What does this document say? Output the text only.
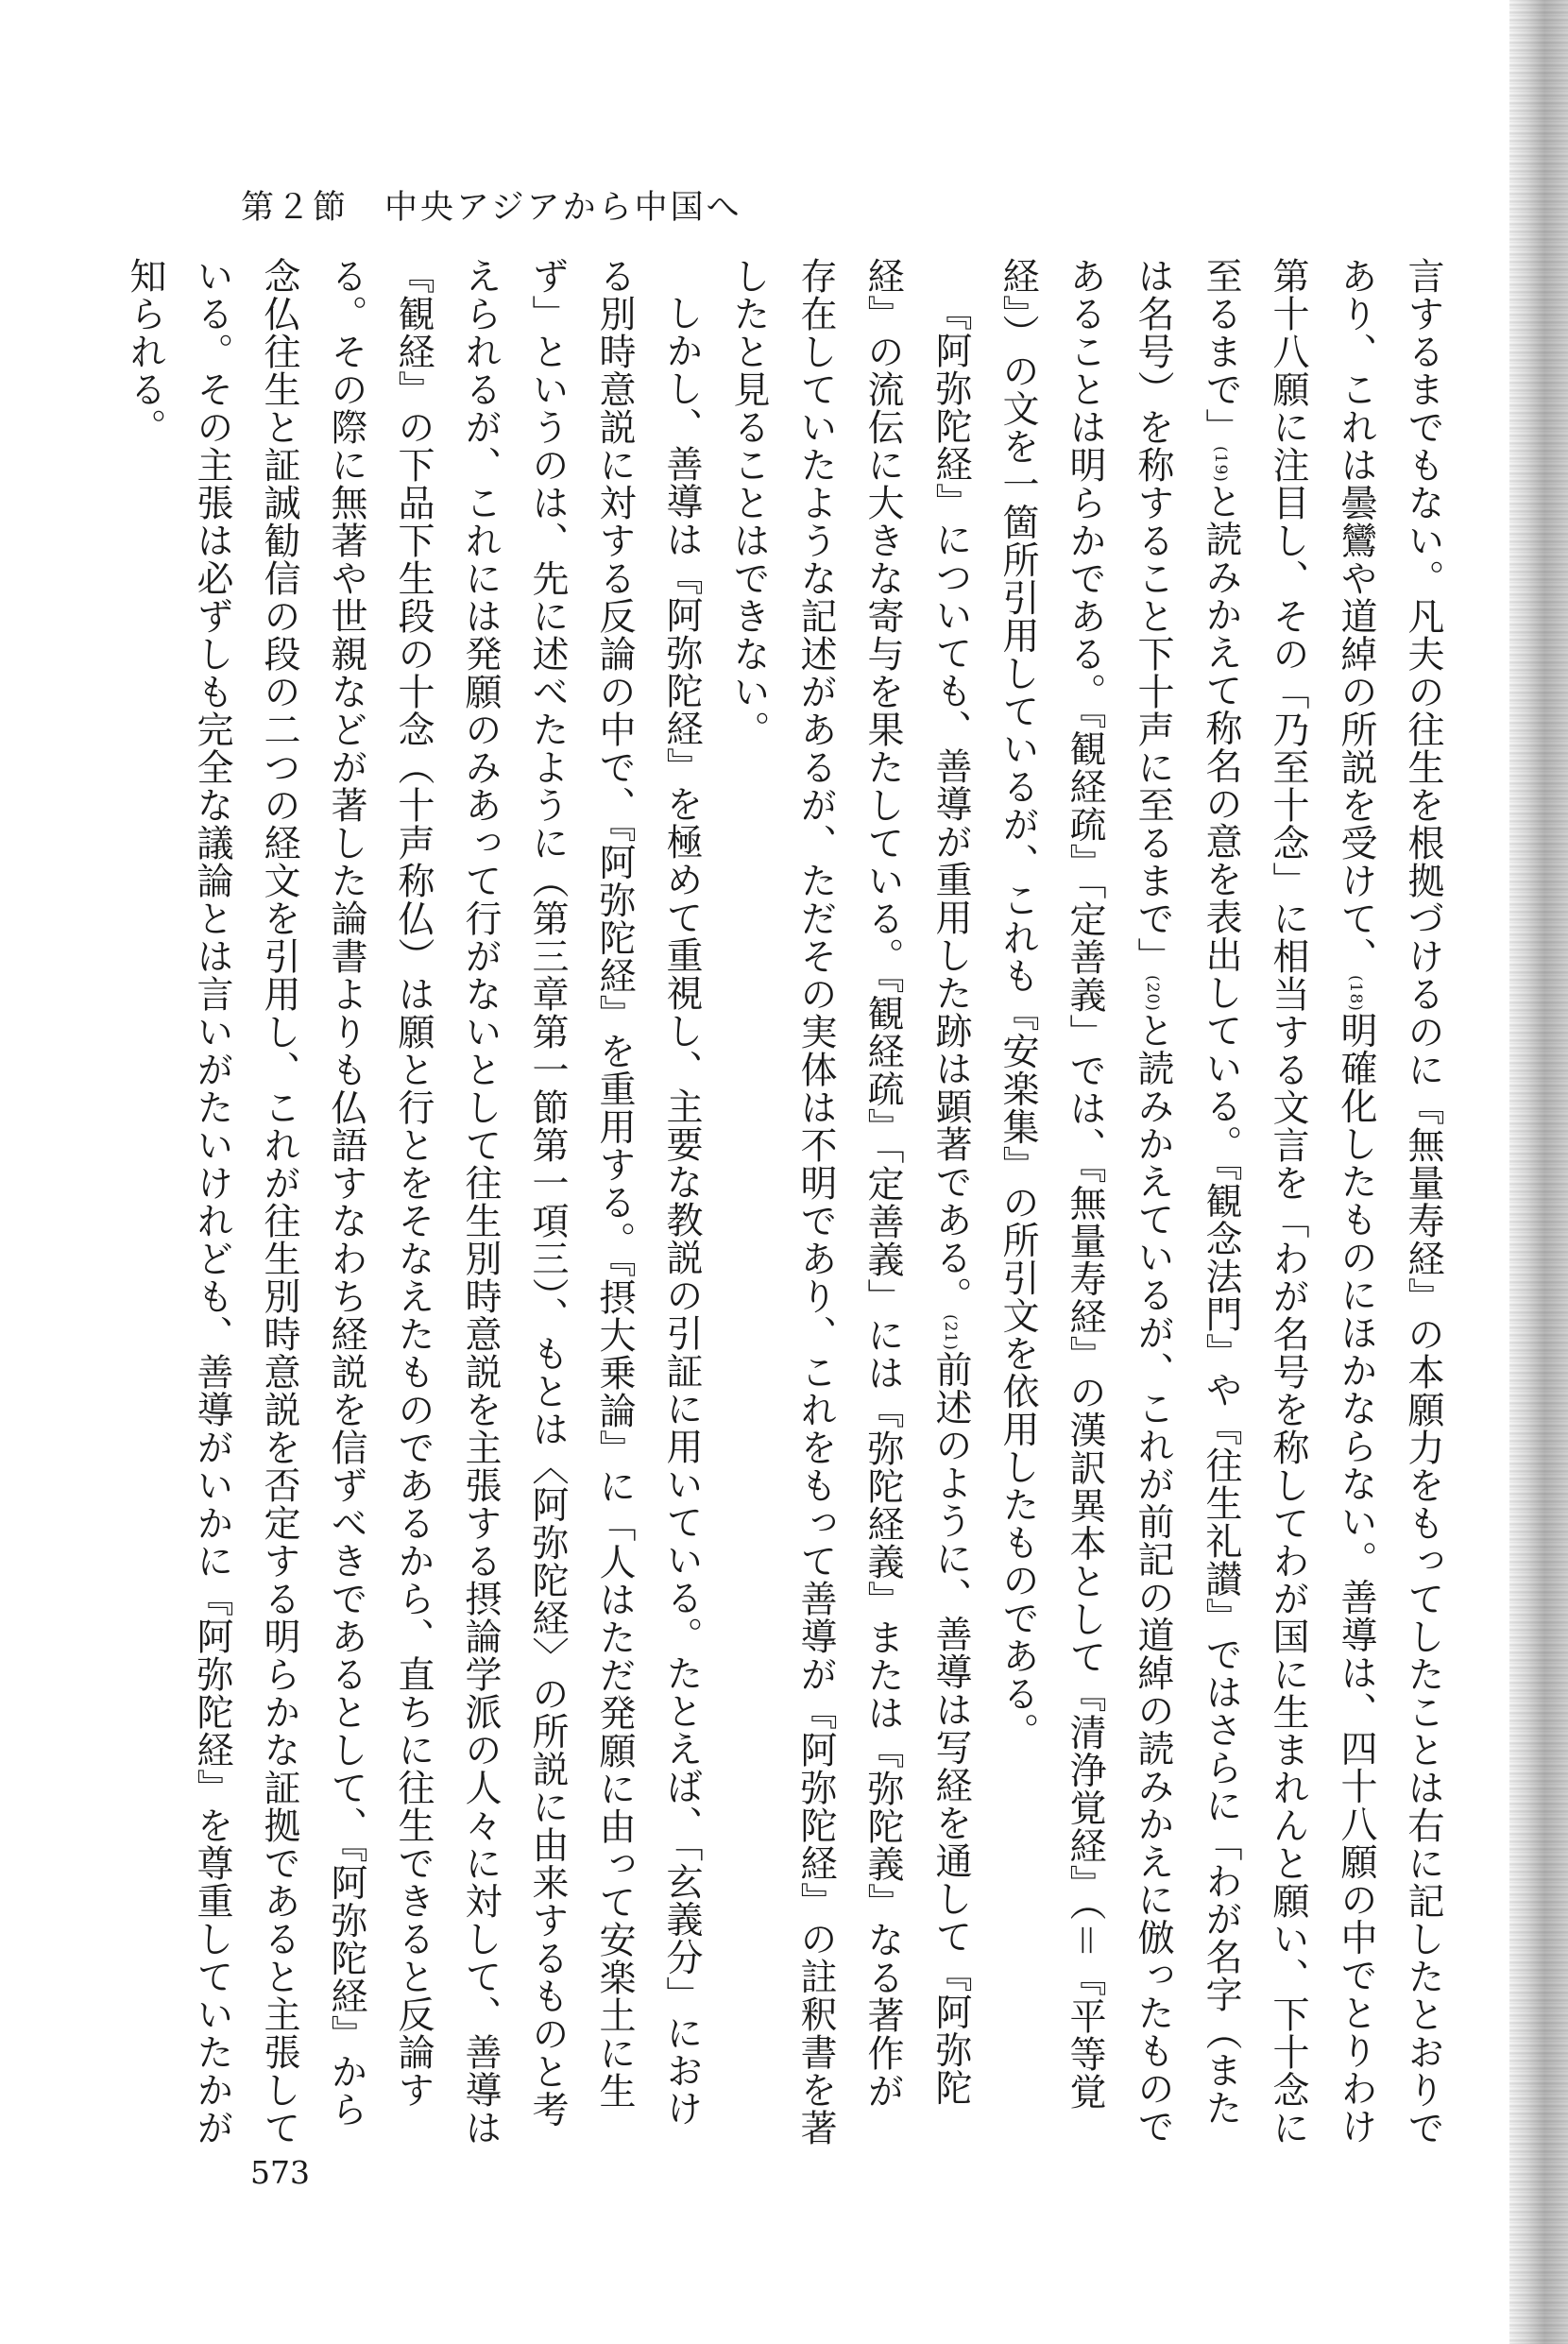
第２節　中央アジアから中国へ

言するまでもない。凡夫の往生を根拠づけるのに『無量寿経』の本願力をもってしたことは右に記したとおりであり、これは曇鸞や道綽の所説を受けて、(18)明確化したものにほかならない。善導は、四十八願の中でとりわけ第十八願に注目し、その「乃至十念」に相当する文言を「わが名号を称してわが国に生まれんと願い、下十念に至るまで」(19)と読みかえて称名の意を表出している。『観念法門』や『往生礼讃』ではさらに「わが名字（または名号）を称すること下十声に至るまで」(20)と読みかえているが、これが前記の道綽の読みかえに倣ったものであることは明らかである。『観経疏』「定善義」では、『無量寿経』の漢訳異本として『清浄覚経』（＝『平等覚経』）の文を一箇所引用しているが、これも『安楽集』の所引文を依用したものである。

『阿弥陀経』についても、善導が重用した跡は顕著である。(21)前述のように、善導は写経を通して『阿弥陀経』の流伝に大きな寄与を果たしている。『観経疏』「定善義」には『弥陀経義』または『弥陀義』なる著作が存在していたような記述があるが、ただその実体は不明であり、これをもって善導が『阿弥陀経』の註釈書を著したと見ることはできない。

しかし、善導は『阿弥陀経』を極めて重視し、主要な教説の引証に用いている。たとえば、「玄義分」における別時意説に対する反論の中で、『阿弥陀経』を重用する。『摂大乗論』に「人はただ発願に由って安楽土に生ず」というのは、先に述べたように（第三章第一節第一項三）、もとは〈阿弥陀経〉の所説に由来するものと考えられるが、これには発願のみあって行がないとして往生別時意説を主張する摂論学派の人々に対して、善導は『観経』の下品下生段の十念（十声称仏）は願と行とをそなえたものであるから、直ちに往生できると反論する。その際に無著や世親などが著した論書よりも仏語すなわち経説を信ずべきであるとして、『阿弥陀経』から念仏往生と証誠勧信の段の二つの経文を引用し、これが往生別時意説を否定する明らかな証拠であると主張している。その主張は必ずしも完全な議論とは言いがたいけれども、善導がいかに『阿弥陀経』を尊重していたかが知られる。

573
